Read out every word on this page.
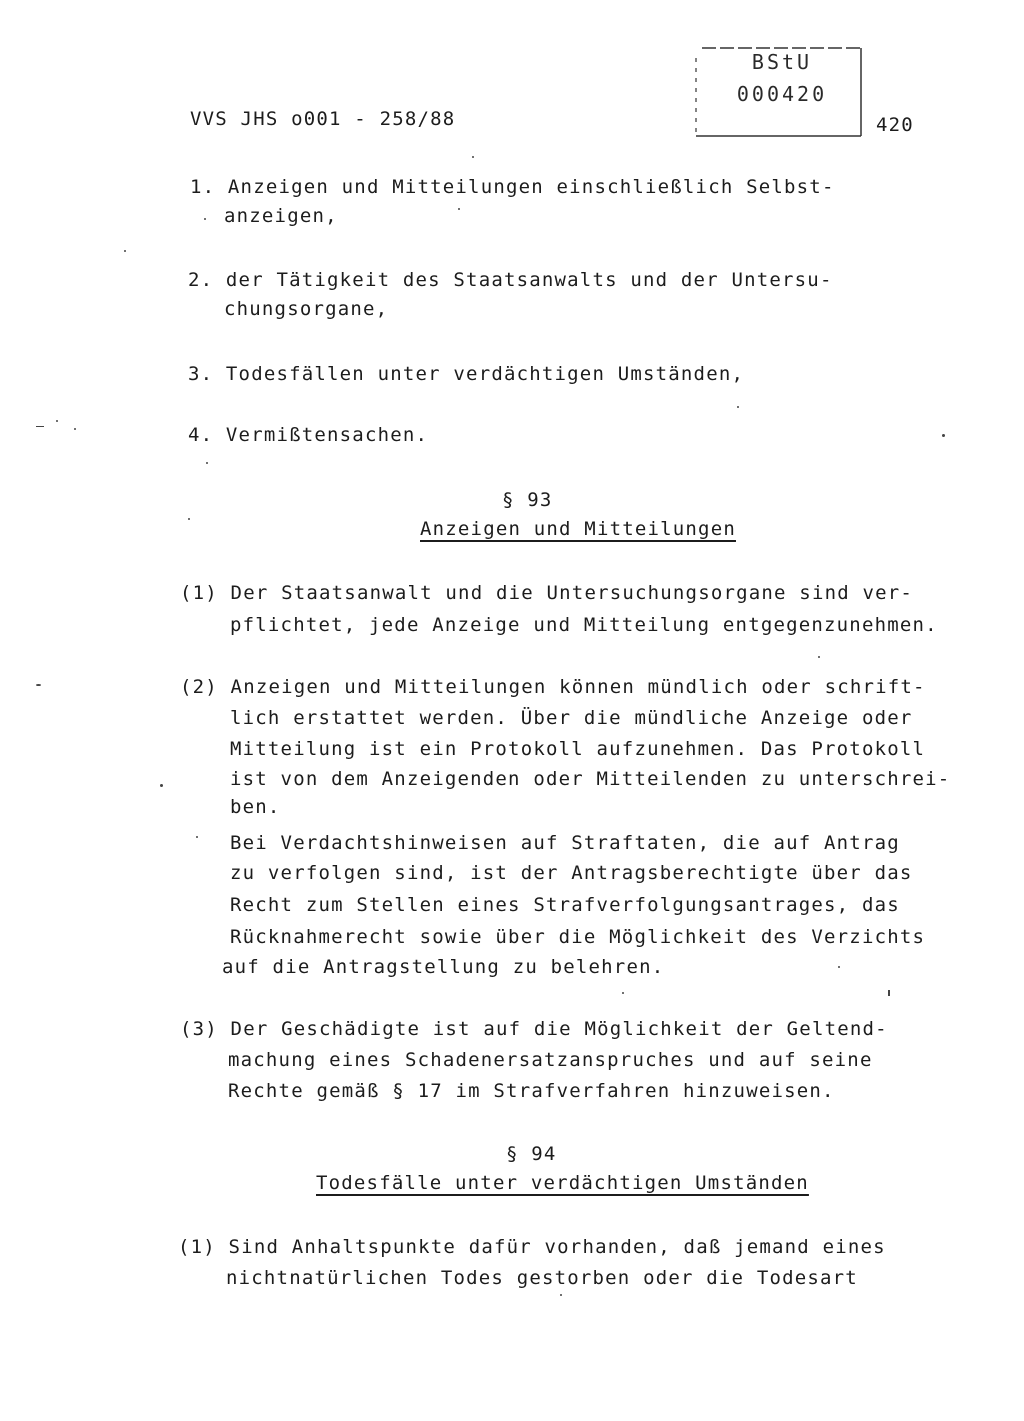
VVS JHS o001 - 258/88
BStU
000420
420
1. Anzeigen und Mitteilungen einschließlich Selbst-
anzeigen,
2. der Tätigkeit des Staatsanwalts und der Untersu-
chungsorgane,
3. Todesfällen unter verdächtigen Umständen,
4. Vermißtensachen.
§ 93
Anzeigen und Mitteilungen
(1) Der Staatsanwalt und die Untersuchungsorgane sind ver-
pflichtet, jede Anzeige und Mitteilung entgegenzunehmen.
(2) Anzeigen und Mitteilungen können mündlich oder schrift-
lich erstattet werden. Über die mündliche Anzeige oder
Mitteilung ist ein Protokoll aufzunehmen. Das Protokoll
ist von dem Anzeigenden oder Mitteilenden zu unterschrei-
ben.
Bei Verdachtshinweisen auf Straftaten, die auf Antrag
zu verfolgen sind, ist der Antragsberechtigte über das
Recht zum Stellen eines Strafverfolgungsantrages, das
Rücknahmerecht sowie über die Möglichkeit des Verzichts
auf die Antragstellung zu belehren.
(3) Der Geschädigte ist auf die Möglichkeit der Geltend-
machung eines Schadenersatzanspruches und auf seine
Rechte gemäß § 17 im Strafverfahren hinzuweisen.
§ 94
Todesfälle unter verdächtigen Umständen
(1) Sind Anhaltspunkte dafür vorhanden, daß jemand eines
nichtnatürlichen Todes gestorben oder die Todesart
